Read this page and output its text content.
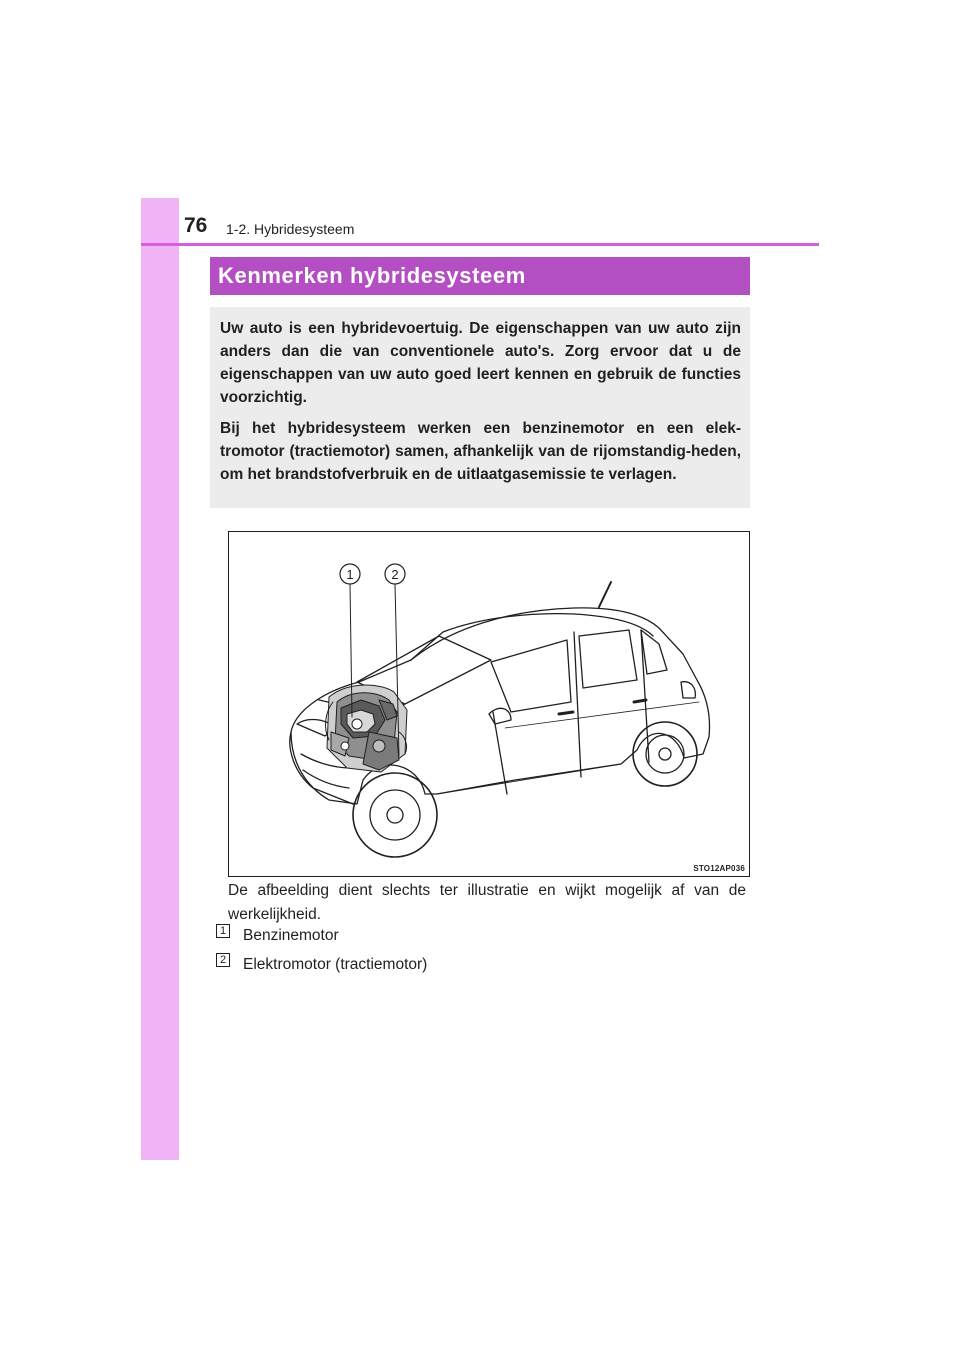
76 1-2. Hybridesysteem
Kenmerken hybridesysteem

Uw auto is een hybridevoertuig. De eigenschappen van uw auto zijn anders dan die van conventionele auto's. Zorg ervoor dat u de eigenschappen van uw auto goed leert kennen en gebruik de functies voorzichtig.

Bij het hybridesysteem werken een benzinemotor en een elek-tromotor (tractiemotor) samen, afhankelijk van de rijomstandig-heden, om het brandstofverbruik en de uitlaatgasemissie te verlagen.

1	2
STO12AP036
De afbeelding dient slechts ter illustratie en wijkt mogelijk af van de werkelijkheid.
1 Benzinemotor
2 Elektromotor (tractiemotor)
